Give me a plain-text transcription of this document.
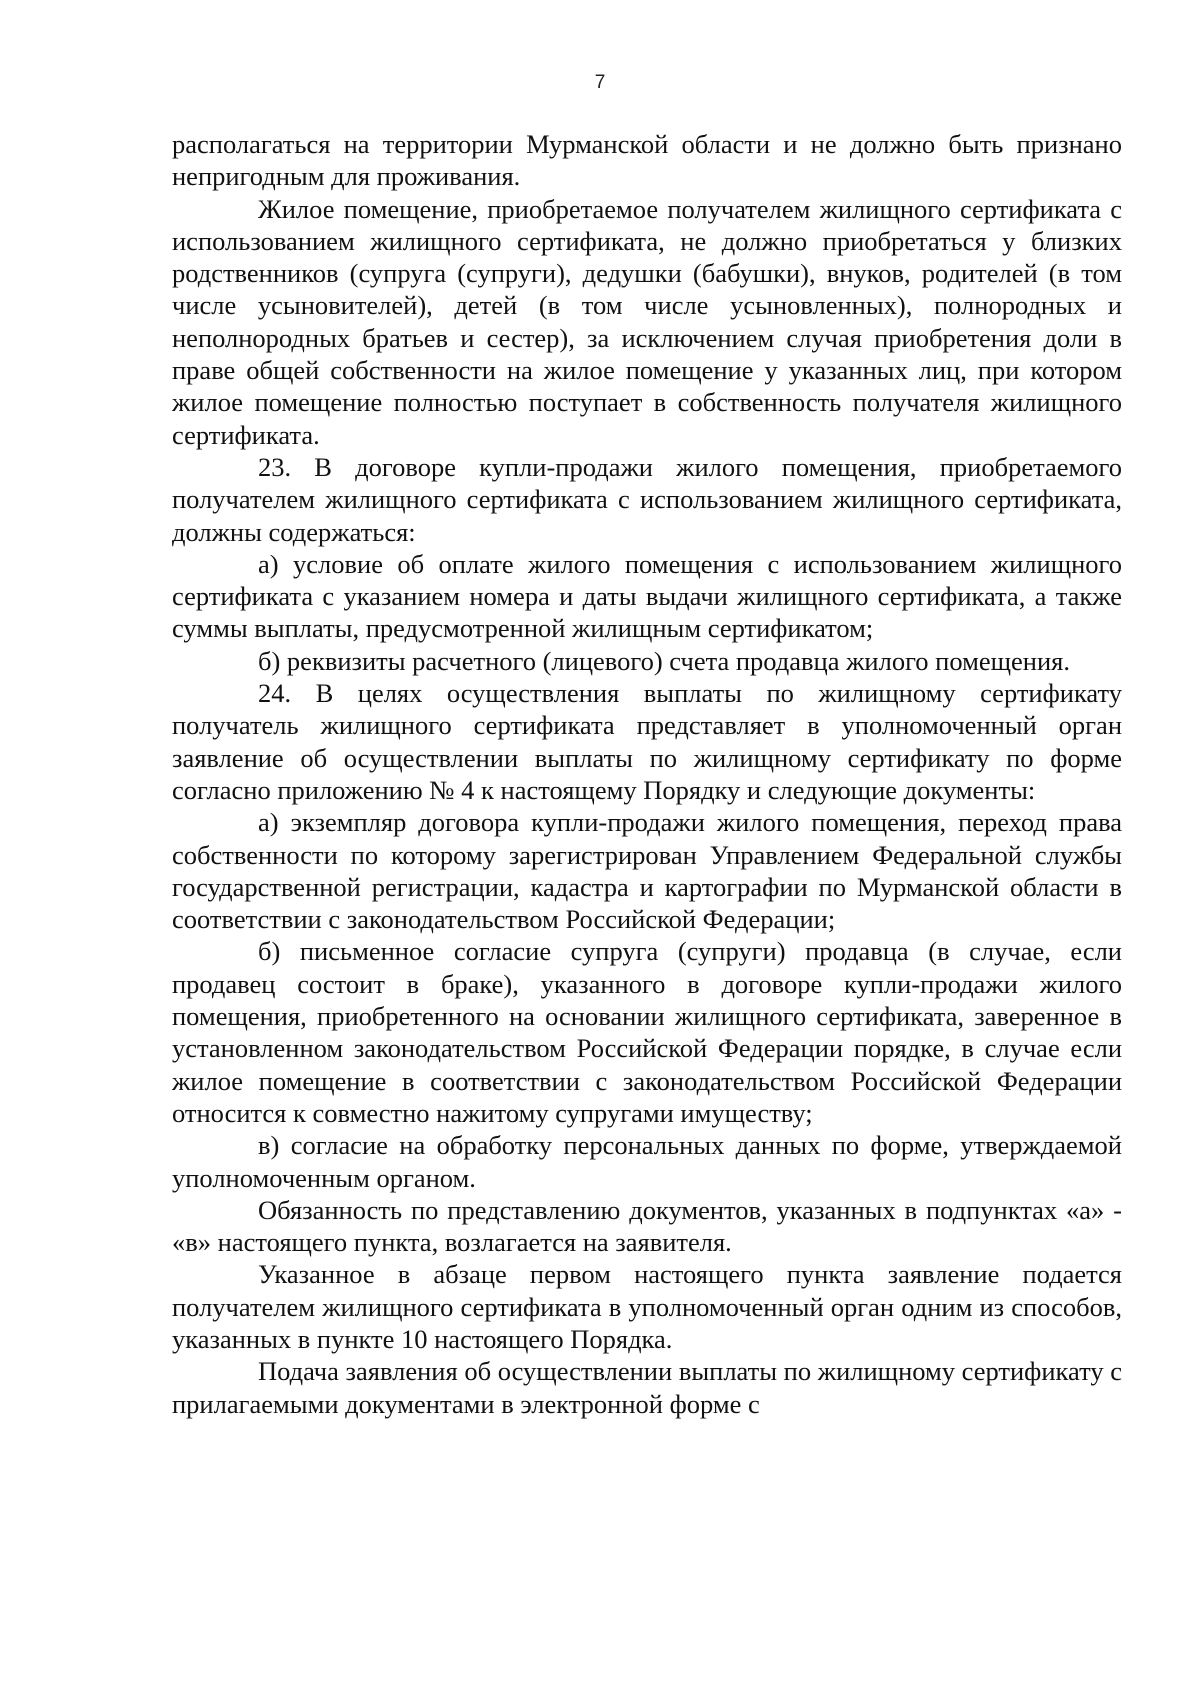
7

располагаться на территории Мурманской области и не должно быть признано непригодным для проживания.

Жилое помещение, приобретаемое получателем жилищного сертификата с использованием жилищного сертификата, не должно приобретаться у близких родственников (супруга (супруги), дедушки (бабушки), внуков, родителей (в том числе усыновителей), детей (в том числе усыновленных), полнородных и неполнородных братьев и сестер), за исключением случая приобретения доли в праве общей собственности на жилое помещение у указанных лиц, при котором жилое помещение полностью поступает в собственность получателя жилищного сертификата.

23. В договоре купли-продажи жилого помещения, приобретаемого получателем жилищного сертификата с использованием жилищного сертификата, должны содержаться:

а) условие об оплате жилого помещения с использованием жилищного сертификата с указанием номера и даты выдачи жилищного сертификата, а также суммы выплаты, предусмотренной жилищным сертификатом;

б) реквизиты расчетного (лицевого) счета продавца жилого помещения.

24. В целях осуществления выплаты по жилищному сертификату получатель жилищного сертификата представляет в уполномоченный орган заявление об осуществлении выплаты по жилищному сертификату по форме согласно приложению № 4 к настоящему Порядку и следующие документы:

а) экземпляр договора купли-продажи жилого помещения, переход права собственности по которому зарегистрирован Управлением Федеральной службы государственной регистрации, кадастра и картографии по Мурманской области в соответствии с законодательством Российской Федерации;

б) письменное согласие супруга (супруги) продавца (в случае, если продавец состоит в браке), указанного в договоре купли-продажи жилого помещения, приобретенного на основании жилищного сертификата, заверенное в установленном законодательством Российской Федерации порядке, в случае если жилое помещение в соответствии с законодательством Российской Федерации относится к совместно нажитому супругами имуществу;

в) согласие на обработку персональных данных по форме, утверждаемой уполномоченным органом.

Обязанность по представлению документов, указанных в подпунктах «а» - «в» настоящего пункта, возлагается на заявителя.

Указанное в абзаце первом настоящего пункта заявление подается получателем жилищного сертификата в уполномоченный орган одним из способов, указанных в пункте 10 настоящего Порядка.

Подача заявления об осуществлении выплаты по жилищному сертификату с прилагаемыми документами в электронной форме с
